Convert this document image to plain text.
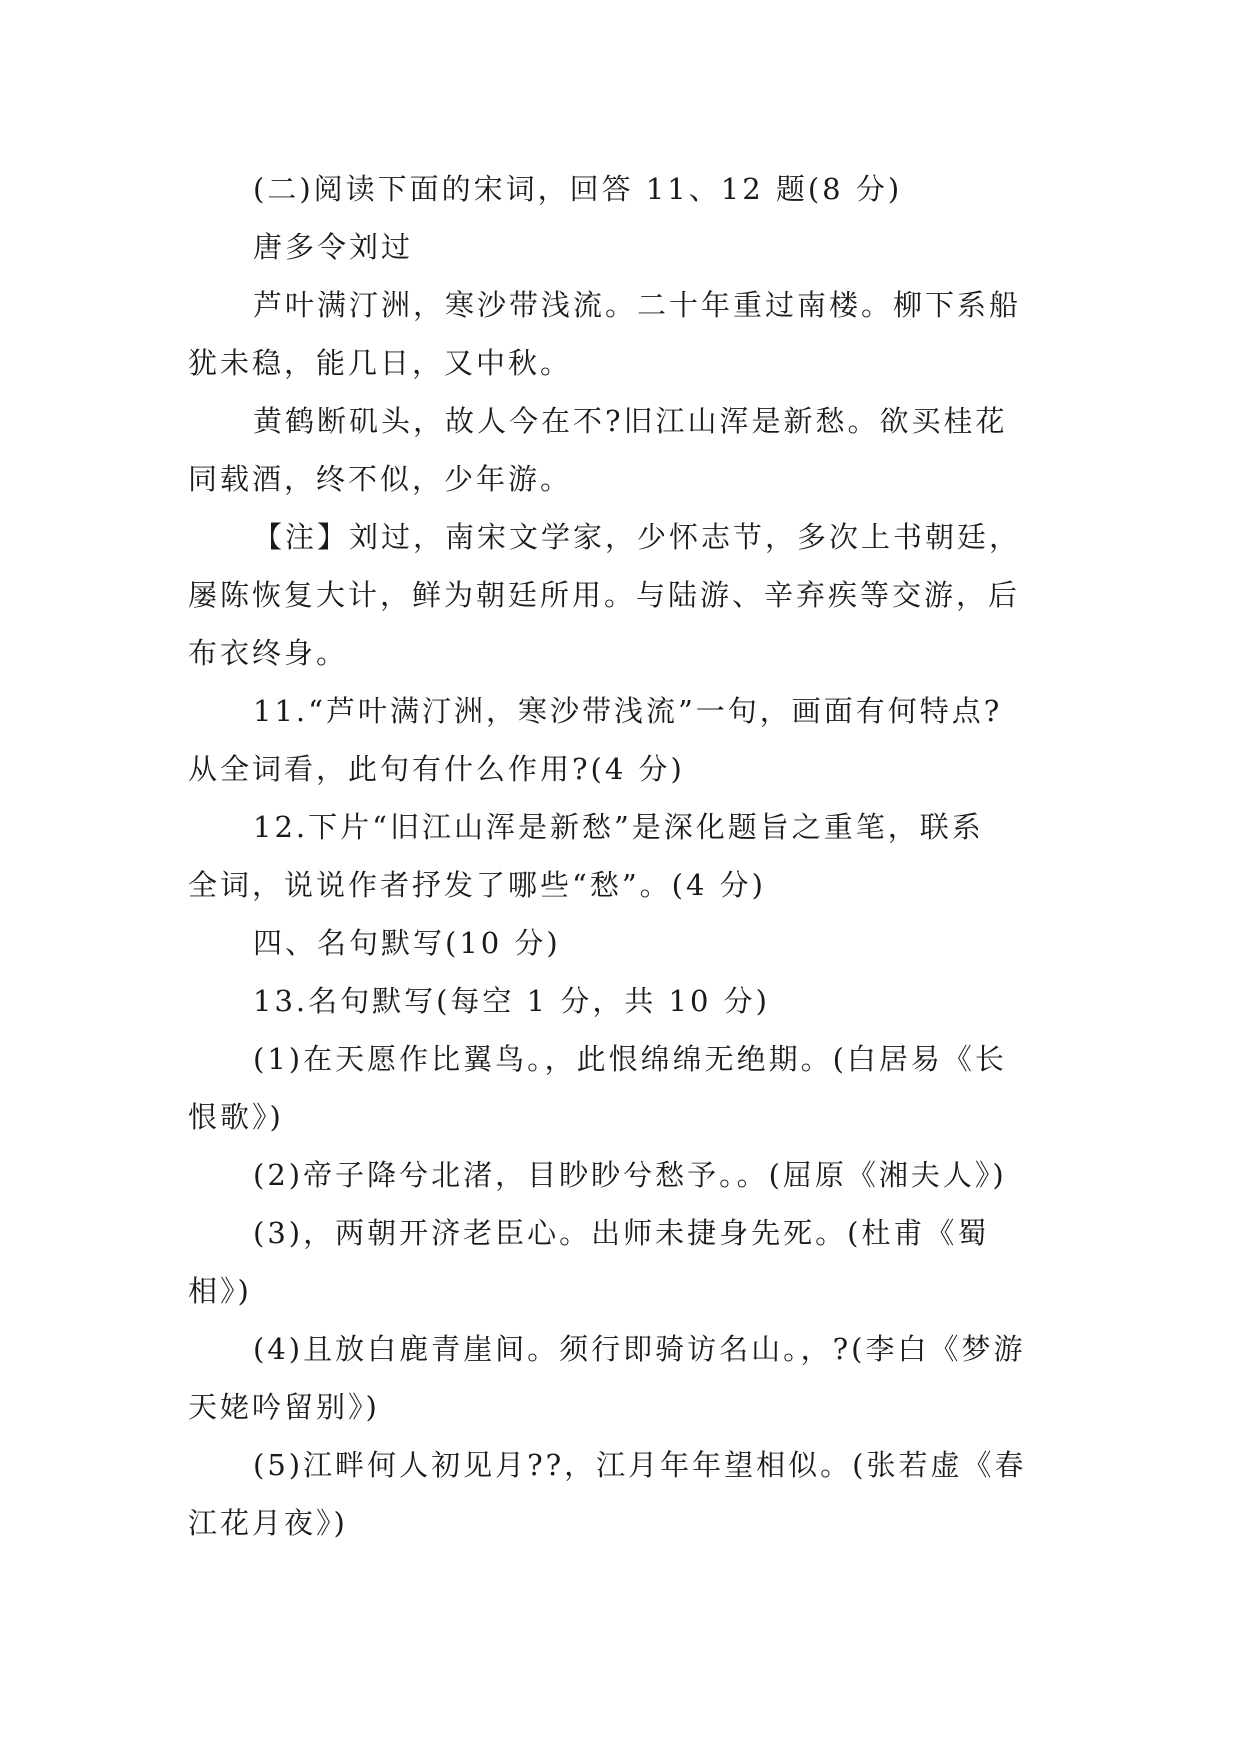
(二)阅读下面的宋词，回答 11、12 题(8 分)
唐多令刘过
芦叶满汀洲，寒沙带浅流。二十年重过南楼。柳下系船
犹未稳，能几日，又中秋。
黄鹤断矶头，故人今在不?旧江山浑是新愁。欲买桂花
同载酒，终不似，少年游。
【注】刘过，南宋文学家，少怀志节，多次上书朝廷，
屡陈恢复大计，鲜为朝廷所用。与陆游、辛弃疾等交游，后
布衣终身。
11.“芦叶满汀洲，寒沙带浅流”一句，画面有何特点?
从全词看，此句有什么作用?(4 分)
12.下片“旧江山浑是新愁”是深化题旨之重笔，联系
全词，说说作者抒发了哪些“愁”。(4 分)
四、名句默写(10 分)
13.名句默写(每空 1 分，共 10 分)
(1)在天愿作比翼鸟。，此恨绵绵无绝期。(白居易《长
恨歌》)
(2)帝子降兮北渚，目眇眇兮愁予。。(屈原《湘夫人》)
(3)，两朝开济老臣心。出师未捷身先死。(杜甫《蜀
相》)
(4)且放白鹿青崖间。须行即骑访名山。，?(李白《梦游
天姥吟留别》)
(5)江畔何人初见月??，江月年年望相似。(张若虚《春
江花月夜》)
